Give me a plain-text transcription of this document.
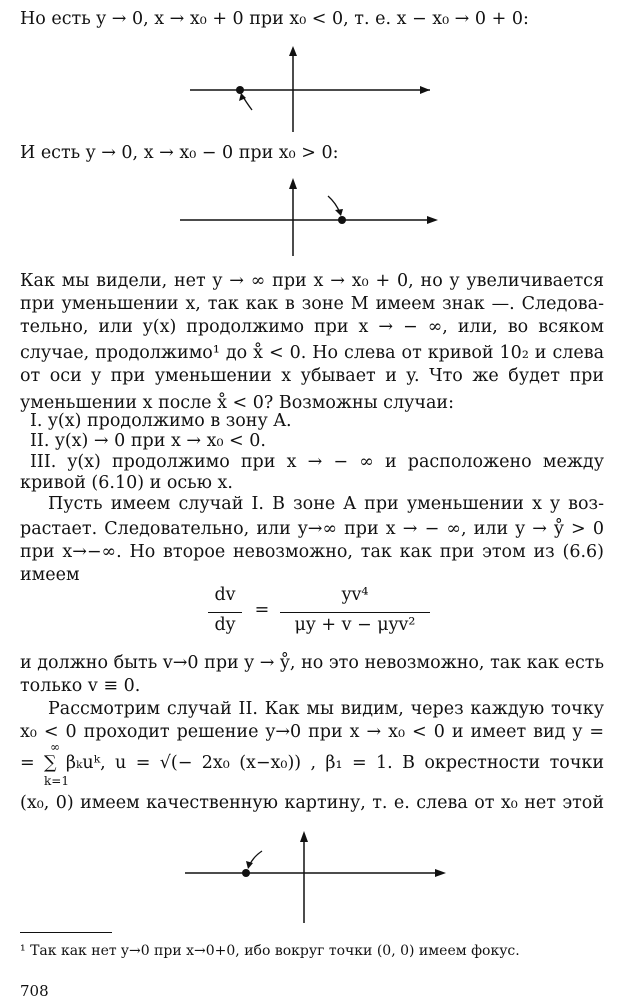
Но есть y → 0, x → x₀ + 0 при x₀ < 0, т. е. x − x₀ → 0 + 0:
И есть y → 0, x → x₀ − 0 при x₀ > 0:
Как мы видели, нет y → ∞ при x → x₀ + 0, но y увеличивается
при уменьшении x, так как в зоне M имеем знак —. Следова-
тельно, или y(x) продолжимо при x → − ∞, или, во всяком
случае, продолжимо¹ до x̊ < 0. Но слева от кривой 10₂ и слева
от оси y при уменьшении x убывает и y. Что же будет при
уменьшении x после x̊ < 0? Возможны случаи:
I. y(x) продолжимо в зону A.
II. y(x) → 0 при x → x₀ < 0.
III. y(x) продолжимо при x → − ∞ и расположено между
кривой (6.10) и осью x.
Пусть имеем случай I. В зоне A при уменьшении x y воз-
растает. Следовательно, или y→∞ при x → − ∞, или y → ẙ > 0
при x→−∞. Но второе невозможно, так как при этом из (6.6)
имеем
dv
dy
=
yv⁴
μy + v − μyv²
и должно быть v→0 при y → ẙ, но это невозможно, так как есть
только v ≡ 0.
Рассмотрим случай II. Как мы видим, через каждую точку
x₀ < 0 проходит решение y→0 при x → x₀ < 0 и имеет вид y =
∞
= ∑ βₖuᵏ, u = √(− 2x₀ (x−x₀)) , β₁ = 1. В окрестности точки
k=1
(x₀, 0) имеем качественную картину, т. е. слева от x₀ нет этой
¹ Так как нет y→0 при x→0+0, ибо вокруг точки (0, 0) имеем фокус.
708
